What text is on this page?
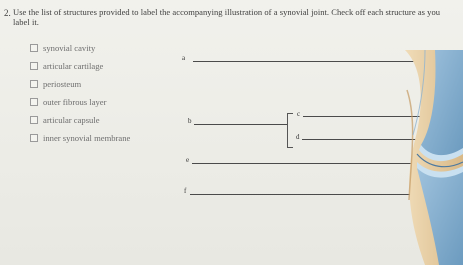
2. Use the list of structures provided to label the accompanying illustration of a synovial joint. Check off each structure as you label it.
synovial cavity
articular cartilage
periosteum
outer fibrous layer
articular capsule
inner synovial membrane
a
b
c
d
e
f
